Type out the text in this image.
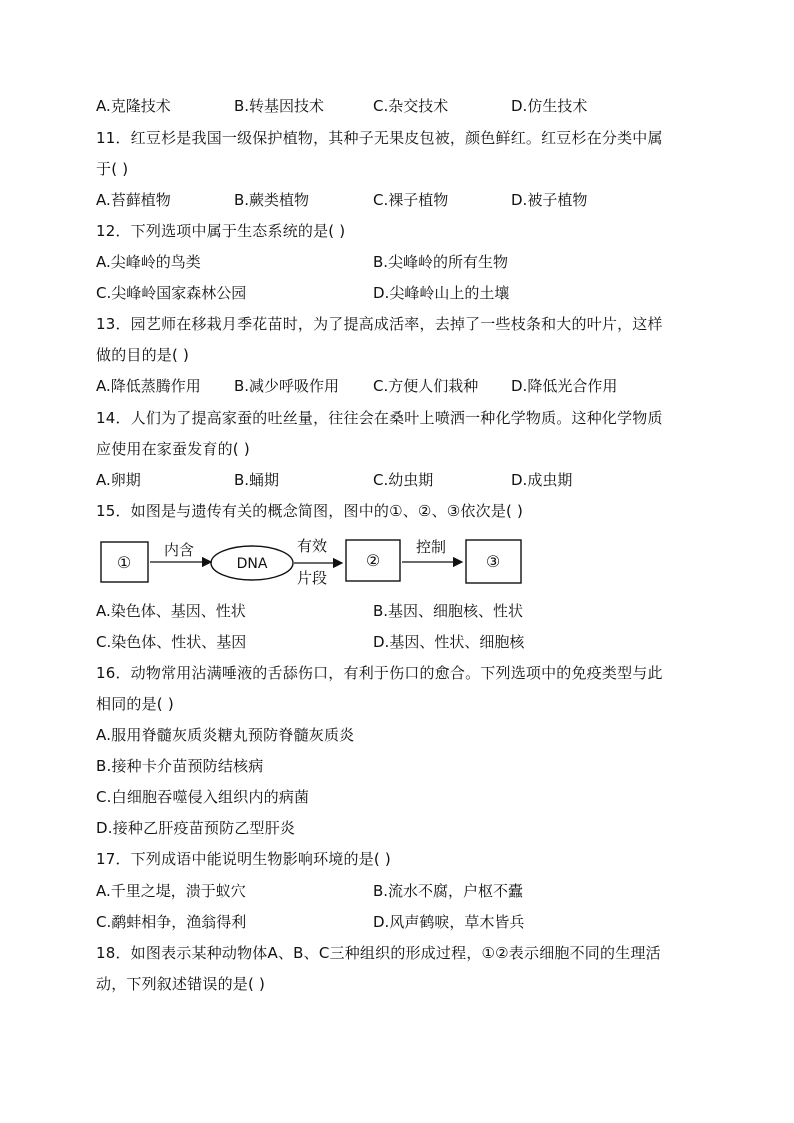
A.克隆技术	B.转基因技术	C.杂交技术	D.仿生技术
11．红豆杉是我国一级保护植物，其种子无果皮包被，颜色鲜红。红豆杉在分类中属
于( )
A.苔藓植物	B.蕨类植物	C.裸子植物	D.被子植物
12．下列选项中属于生态系统的是( )
A.尖峰岭的鸟类	B.尖峰岭的所有生物
C.尖峰岭国家森林公园	D.尖峰岭山上的土壤
13．园艺师在移栽月季花苗时，为了提高成活率，去掉了一些枝条和大的叶片，这样
做的目的是( )
A.降低蒸腾作用 B.减少呼吸作用 C.方便人们栽种 D.降低光合作用
14．人们为了提高家蚕的吐丝量，往往会在桑叶上喷洒一种化学物质。这种化学物质
应使用在家蚕发育的( )
A.卵期	B.蛹期	C.幼虫期	D.成虫期
15．如图是与遗传有关的概念简图，图中的①、②、③依次是( )
①
内含
DNA
有效
片段
②
控制
③
A.染色体、基因、性状	B.基因、细胞核、性状
C.染色体、性状、基因	D.基因、性状、细胞核
16．动物常用沾满唾液的舌舔伤口，有利于伤口的愈合。下列选项中的免疫类型与此
相同的是( )
A.服用脊髓灰质炎糖丸预防脊髓灰质炎
B.接种卡介苗预防结核病
C.白细胞吞噬侵入组织内的病菌
D.接种乙肝疫苗预防乙型肝炎
17．下列成语中能说明生物影响环境的是( )
A.千里之堤，溃于蚁穴	B.流水不腐，户枢不蠹
C.鹬蚌相争，渔翁得利	D.风声鹤唳，草木皆兵
18．如图表示某种动物体A、B、C三种组织的形成过程，①②表示细胞不同的生理活
动，下列叙述错误的是( )
